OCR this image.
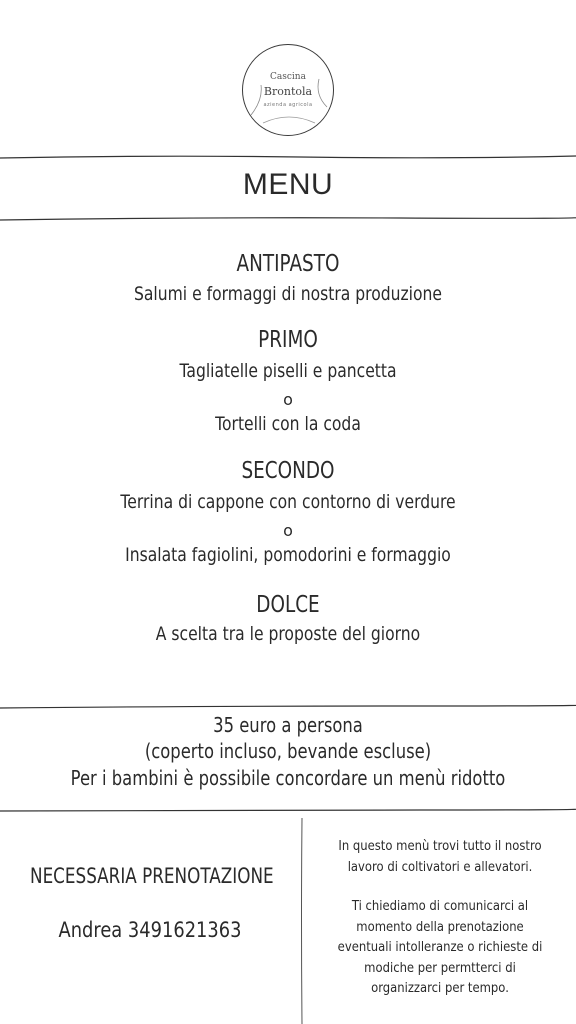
Cascina
Brontola
azienda agricola
MENU
ANTIPASTO
Salumi e formaggi di nostra produzione
PRIMO
Tagliatelle piselli e pancetta
o
Tortelli con la coda
SECONDO
Terrina di cappone con contorno di verdure
o
Insalata fagiolini, pomodorini e formaggio
DOLCE
A scelta tra le proposte del giorno
35 euro a persona
(coperto incluso, bevande escluse)
Per i bambini è possibile concordare un menù ridotto
NECESSARIA PRENOTAZIONE
Andrea 3491621363

In questo menù trovi tutto il nostro

lavoro di coltivatori e allevatori.

Ti chiediamo di comunicarci al

momento della prenotazione

eventuali intolleranze o richieste di

modiche per permtterci di

organizzarci per tempo.
